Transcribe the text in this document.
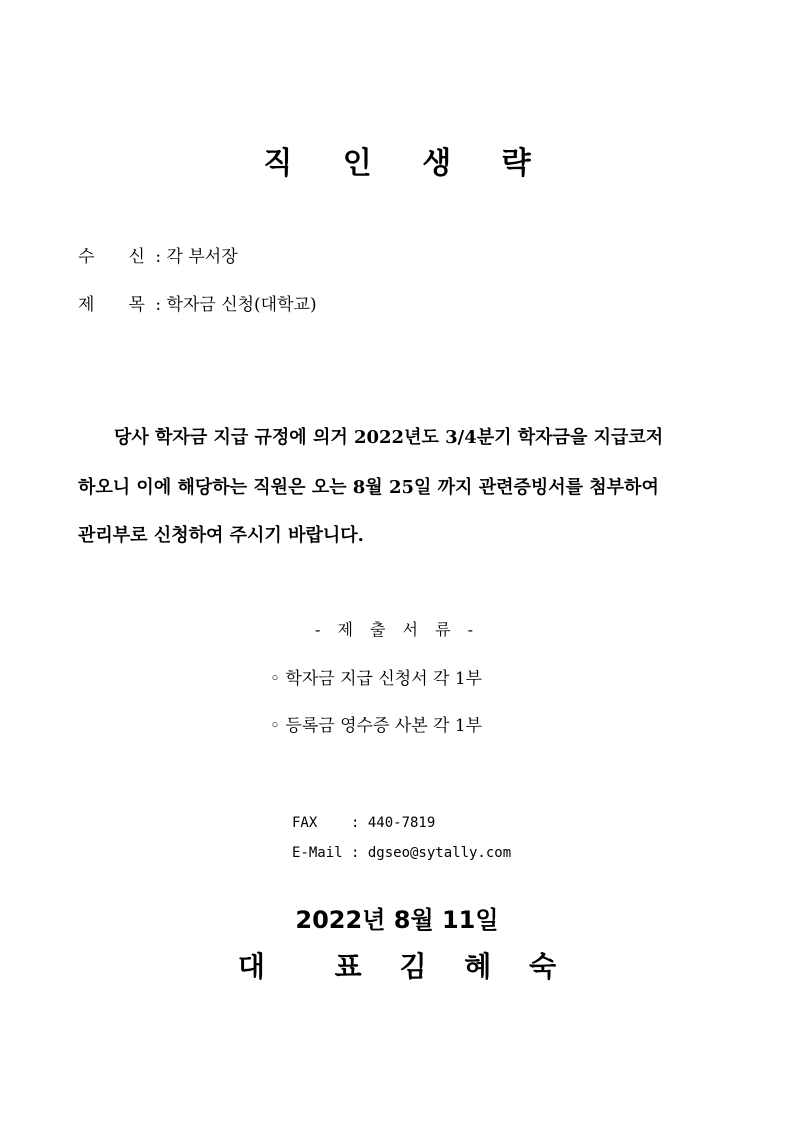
직 인 생 략
수 신 : 각 부서장
제 목 : 학자금 신청(대학교)
당사 학자금 지급 규정에 의거 2022년도 3/4분기 학자금을 지급코저
하오니 이에 해당하는 직원은 오는 8월 25일 까지 관련증빙서를 첨부하여
관리부로 신청하여 주시기 바랍니다.
- 제 출 서 류 -
◦ 학자금 지급 신청서 각 1부
◦ 등록금 영수증 사본 각 1부
FAX    : 440-7819
E-Mail : dgseo@sytally.com
2022년 8월 11일
대 표 김 혜 숙
